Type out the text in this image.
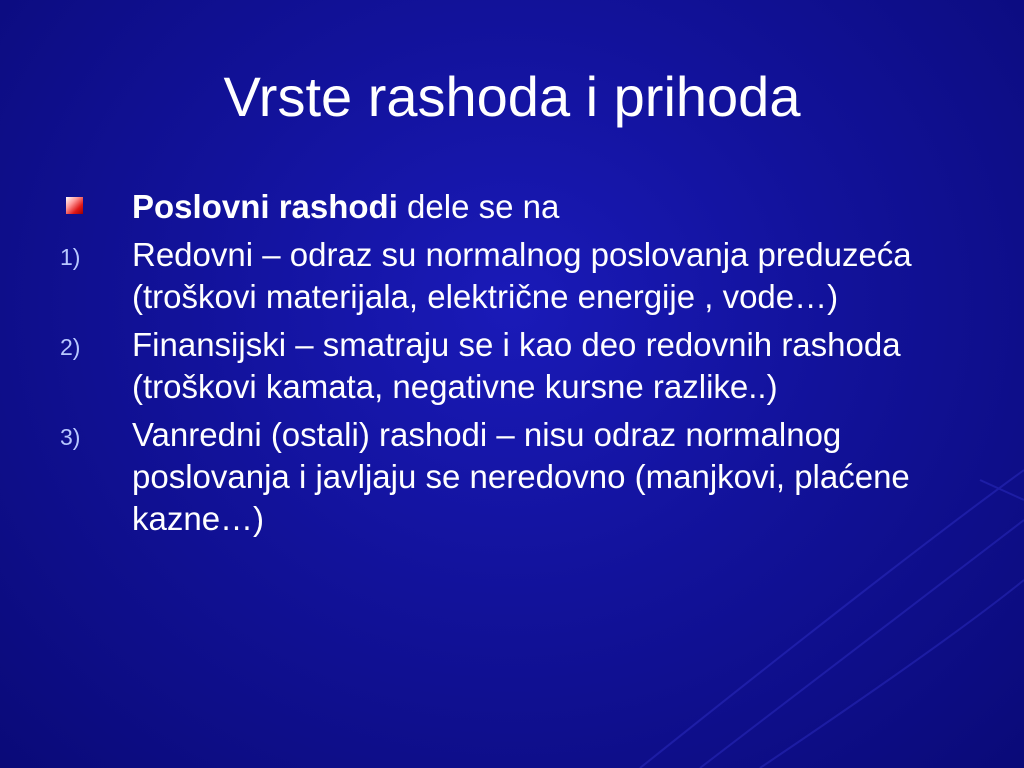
Vrste rashoda i prihoda
Poslovni rashodi dele se na
1) Redovni – odraz su normalnog poslovanja preduzeća (troškovi materijala, električne energije , vode…)
2) Finansijski – smatraju se i kao deo redovnih rashoda (troškovi kamata, negativne kursne razlike..)
3) Vanredni (ostali) rashodi – nisu odraz normalnog poslovanja i javljaju se neredovno (manjkovi, plaćene kazne…)
